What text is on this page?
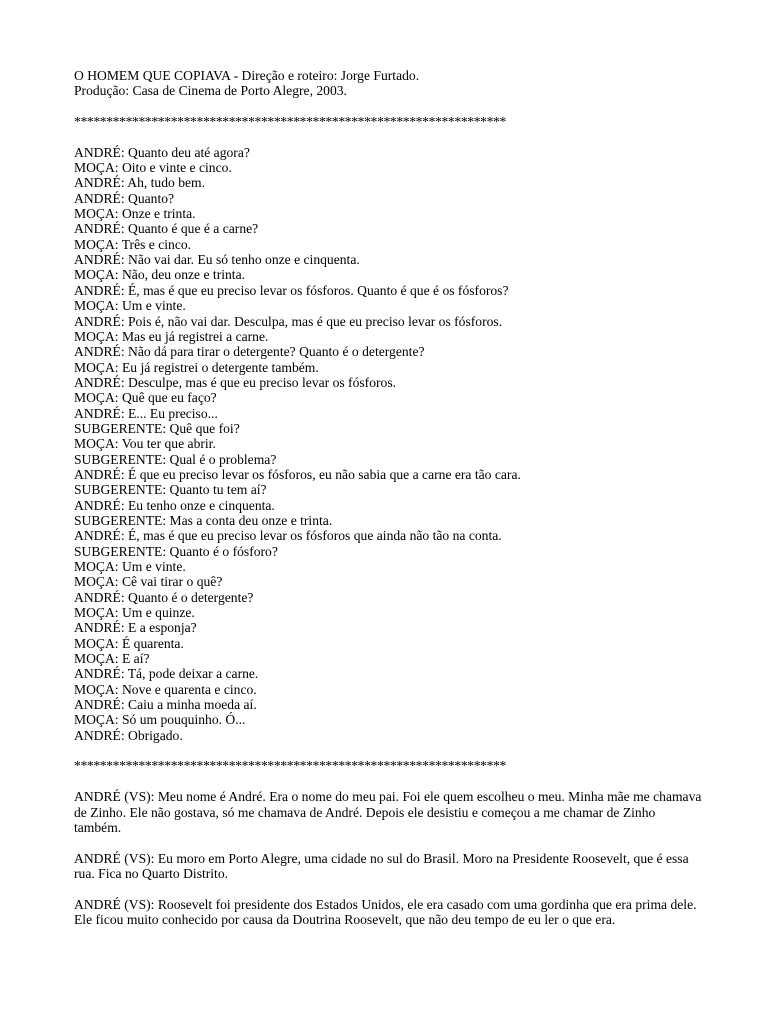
O HOMEM QUE COPIAVA - Direção e roteiro: Jorge Furtado.
Produção: Casa de Cinema de Porto Alegre, 2003.
*******************************************************************
ANDRÉ: Quanto deu até agora?
MOÇA: Oito e vinte e cinco.
ANDRÉ: Ah, tudo bem.
ANDRÉ: Quanto?
MOÇA: Onze e trinta.
ANDRÉ: Quanto é que é a carne?
MOÇA: Três e cinco.
ANDRÉ: Não vai dar. Eu só tenho onze e cinquenta.
MOÇA: Não, deu onze e trinta.
ANDRÉ: É, mas é que eu preciso levar os fósforos. Quanto é que é os fósforos?
MOÇA: Um e vinte.
ANDRÉ: Pois é, não vai dar. Desculpa, mas é que eu preciso levar os fósforos.
MOÇA: Mas eu já registrei a carne.
ANDRÉ: Não dá para tirar o detergente? Quanto é o detergente?
MOÇA: Eu já registrei o detergente também.
ANDRÉ: Desculpe, mas é que eu preciso levar os fósforos.
MOÇA: Quê que eu faço?
ANDRÉ: E... Eu preciso...
SUBGERENTE: Quê que foi?
MOÇA: Vou ter que abrir.
SUBGERENTE: Qual é o problema?
ANDRÉ: É que eu preciso levar os fósforos, eu não sabia que a carne era tão cara.
SUBGERENTE: Quanto tu tem aí?
ANDRÉ: Eu tenho onze e cinquenta.
SUBGERENTE: Mas a conta deu onze e trinta.
ANDRÉ: É, mas é que eu preciso levar os fósforos que ainda não tão na conta.
SUBGERENTE: Quanto é o fósforo?
MOÇA: Um e vinte.
MOÇA: Cê vai tirar o quê?
ANDRÉ: Quanto é o detergente?
MOÇA: Um e quinze.
ANDRÉ: E a esponja?
MOÇA: É quarenta.
MOÇA: E aí?
ANDRÉ: Tá, pode deixar a carne.
MOÇA: Nove e quarenta e cinco.
ANDRÉ: Caiu a minha moeda aí.
MOÇA: Só um pouquinho. Ó...
ANDRÉ: Obrigado.
*******************************************************************

ANDRÉ (VS): Meu nome é André. Era o nome do meu pai. Foi ele quem escolheu o meu. Minha mãe me chamava de Zinho. Ele não gostava, só me chamava de André. Depois ele desistiu e começou a me chamar de Zinho também.

ANDRÉ (VS): Eu moro em Porto Alegre, uma cidade no sul do Brasil. Moro na Presidente Roosevelt, que é essa rua. Fica no Quarto Distrito.

ANDRÉ (VS): Roosevelt foi presidente dos Estados Unidos, ele era casado com uma gordinha que era prima dele. Ele ficou muito conhecido por causa da Doutrina Roosevelt, que não deu tempo de eu ler o que era.
